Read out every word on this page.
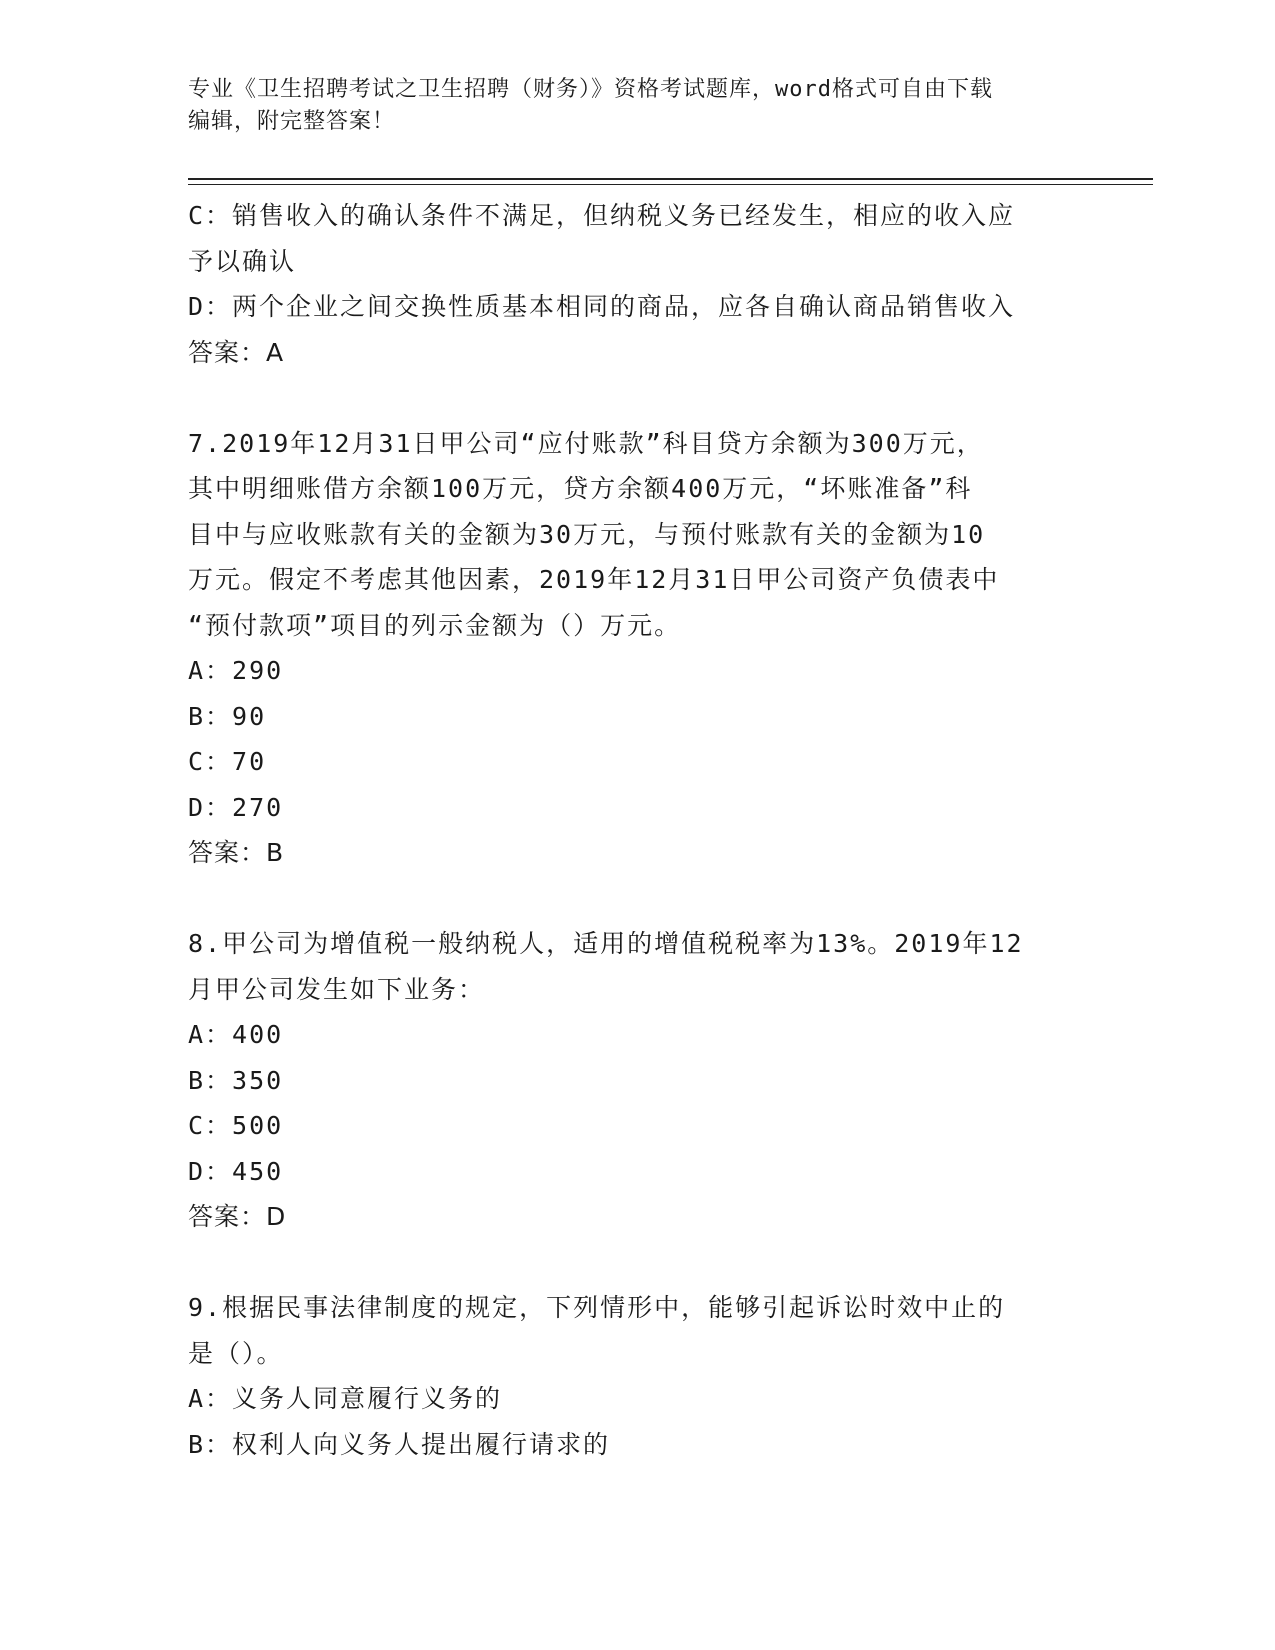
专业《卫生招聘考试之卫生招聘（财务）》资格考试题库，word格式可自由下载
编辑，附完整答案！
C：销售收入的确认条件不满足，但纳税义务已经发生，相应的收入应
予以确认
D：两个企业之间交换性质基本相同的商品，应各自确认商品销售收入
答案：A
7.2019年12月31日甲公司“应付账款”科目贷方余额为300万元，
其中明细账借方余额100万元，贷方余额400万元，“坏账准备”科
目中与应收账款有关的金额为30万元，与预付账款有关的金额为10
万元。假定不考虑其他因素，2019年12月31日甲公司资产负债表中
“预付款项”项目的列示金额为（）万元。
A：290
B：90
C：70
D：270
答案：B
8.甲公司为增值税一般纳税人，适用的增值税税率为13%。2019年12
月甲公司发生如下业务：
A：400
B：350
C：500
D：450
答案：D
9.根据民事法律制度的规定，下列情形中，能够引起诉讼时效中止的
是（）。
A：义务人同意履行义务的
B：权利人向义务人提出履行请求的
